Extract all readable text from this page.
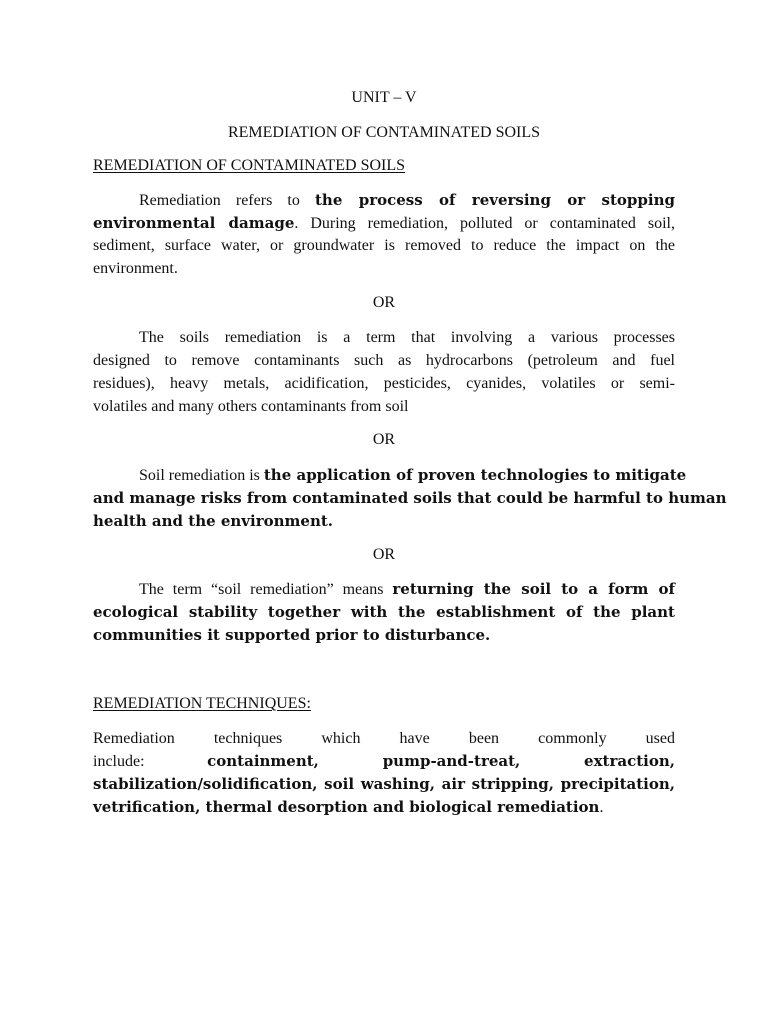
UNIT – V
REMEDIATION OF CONTAMINATED SOILS
REMEDIATION OF CONTAMINATED SOILS
Remediation refers to the process of reversing or stopping
environmental damage. During remediation, polluted or contaminated soil,
sediment, surface water, or groundwater is removed to reduce the impact on the
environment.
OR
The soils remediation is a term that involving a various processes
designed to remove contaminants such as hydrocarbons (petroleum and fuel
residues), heavy metals, acidification, pesticides, cyanides, volatiles or semi-
volatiles and many others contaminants from soil
OR
Soil remediation is the application of proven technologies to mitigate
and manage risks from contaminated soils that could be harmful to human
health and the environment.
OR
The term “soil remediation” means returning the soil to a form of
ecological stability together with the establishment of the plant
communities it supported prior to disturbance.
REMEDIATION TECHNIQUES:
Remediation techniques which have been commonly used
include:	containment, pump-and-treat, extraction,
stabilization/solidification, soil washing, air stripping, precipitation,
vetrification, thermal desorption and biological remediation.
